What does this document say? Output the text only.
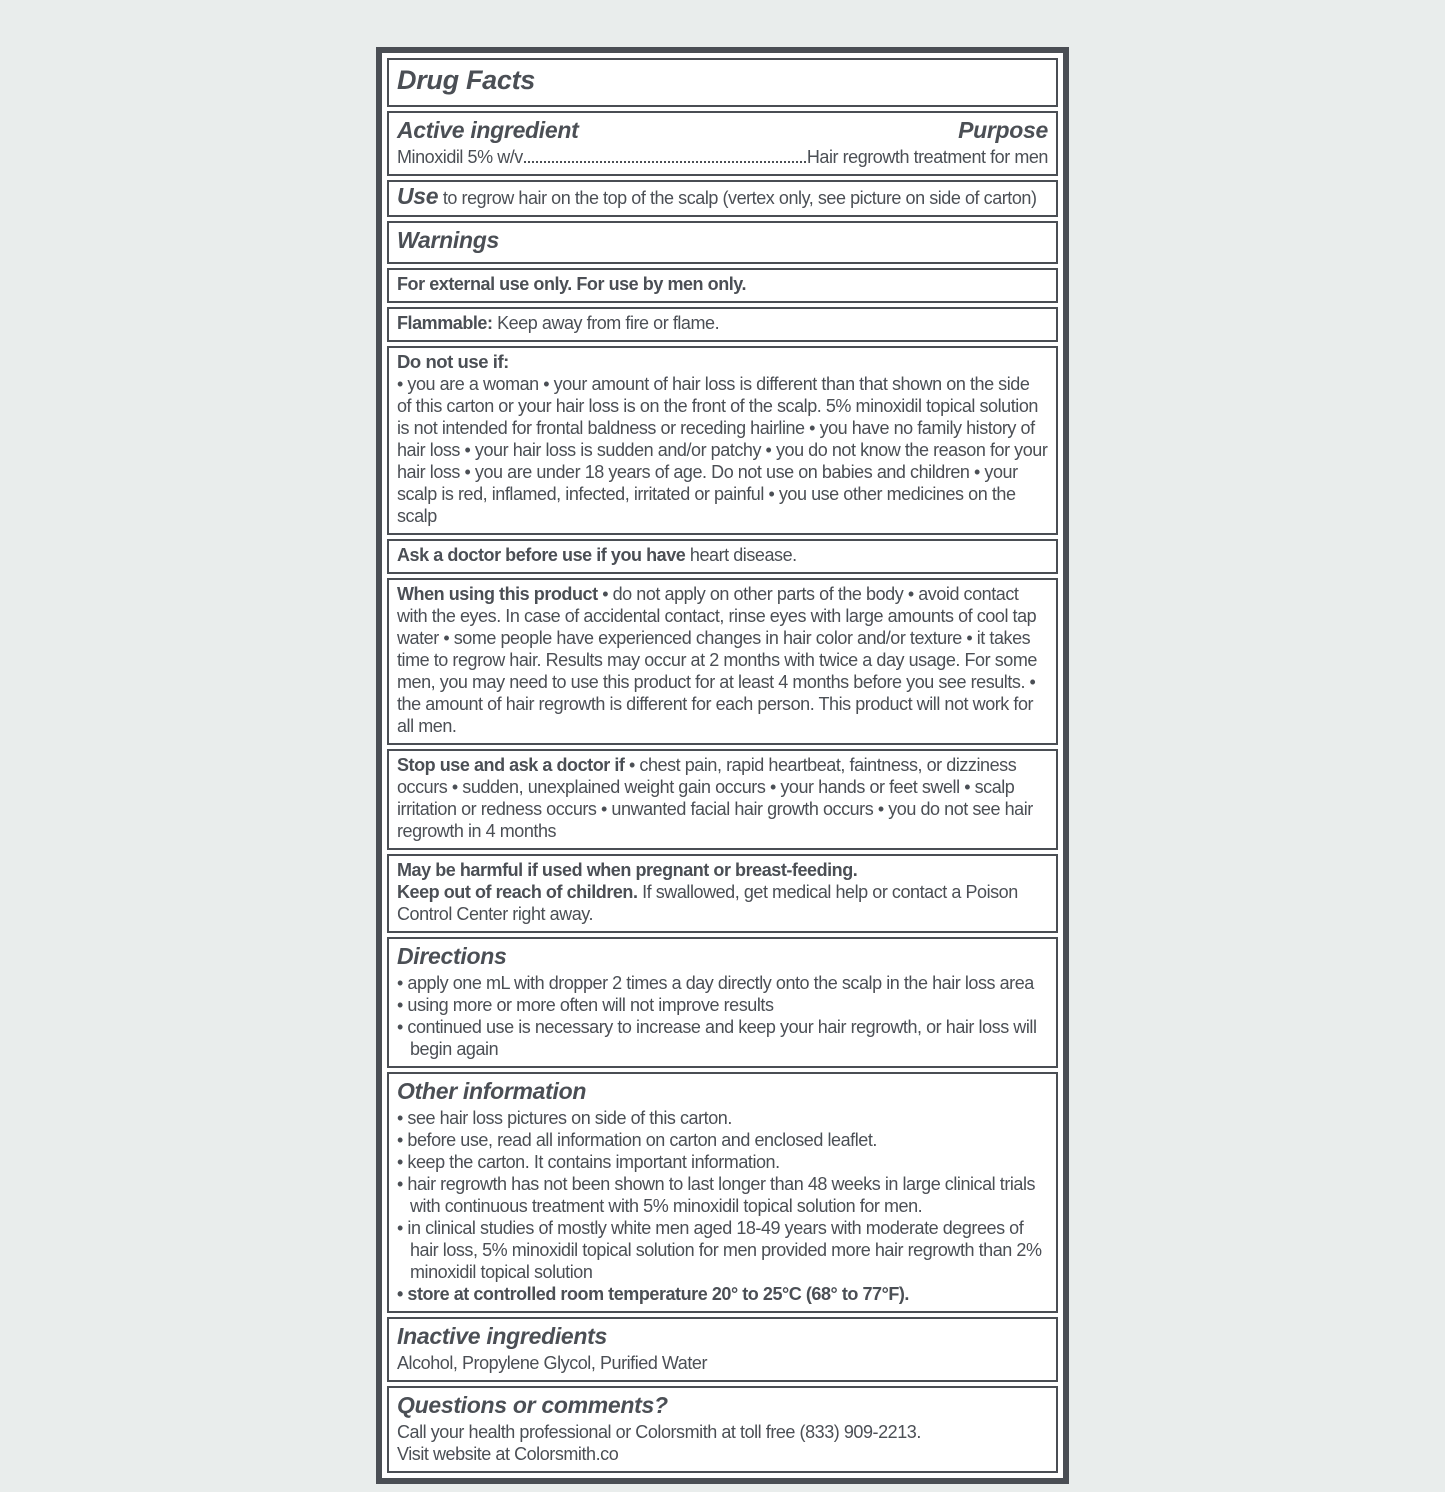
Drug Facts
Active ingredient	Purpose
Minoxidil 5% w/v	Hair regrowth treatment for men

Use to regrow hair on the top of the scalp (vertex only, see picture on side of carton)

Warnings

For external use only. For use by men only.

Flammable: Keep away from fire or flame.

Do not use if:
• you are a woman • your amount of hair loss is different than that shown on the side of this carton or your hair loss is on the front of the scalp. 5% minoxidil topical solution is not intended for frontal baldness or receding hairline • you have no family history of hair loss • your hair loss is sudden and/or patchy • you do not know the reason for your hair loss • you are under 18 years of age. Do not use on babies and children • your scalp is red, inflamed, infected, irritated or painful • you use other medicines on the scalp

Ask a doctor before use if you have heart disease.

When using this product • do not apply on other parts of the body • avoid contact with the eyes. In case of accidental contact, rinse eyes with large amounts of cool tap water • some people have experienced changes in hair color and/or texture • it takes time to regrow hair. Results may occur at 2 months with twice a day usage. For some men, you may need to use this product for at least 4 months before you see results. • the amount of hair regrowth is different for each person. This product will not work for all men.

Stop use and ask a doctor if • chest pain, rapid heartbeat, faintness, or dizziness occurs • sudden, unexplained weight gain occurs • your hands or feet swell • scalp irritation or redness occurs • unwanted facial hair growth occurs • you do not see hair regrowth in 4 months

May be harmful if used when pregnant or breast-feeding.

Keep out of reach of children. If swallowed, get medical help or contact a Poison Control Center right away.

Directions
• apply one mL with dropper 2 times a day directly onto the scalp in the hair loss area
• using more or more often will not improve results
• continued use is necessary to increase and keep your hair regrowth, or hair loss will begin again
Other information
• see hair loss pictures on side of this carton.
• before use, read all information on carton and enclosed leaflet.
• keep the carton. It contains important information.
• hair regrowth has not been shown to last longer than 48 weeks in large clinical trials with continuous treatment with 5% minoxidil topical solution for men.
• in clinical studies of mostly white men aged 18-49 years with moderate degrees of hair loss, 5% minoxidil topical solution for men provided more hair regrowth than 2% minoxidil topical solution
• store at controlled room temperature 20° to 25°C (68° to 77°F).
Inactive ingredients

Alcohol, Propylene Glycol, Purified Water

Questions or comments?

Call your health professional or Colorsmith at toll free (833) 909-2213.

Visit website at Colorsmith.co
